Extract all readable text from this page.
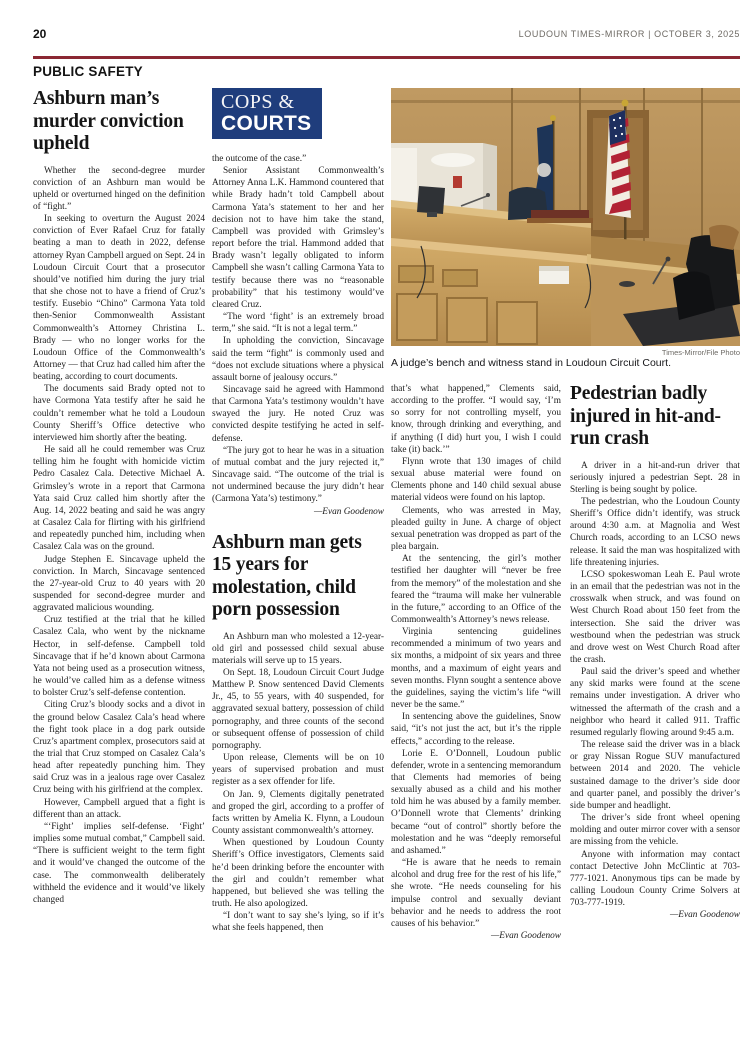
20	LOUDOUN TIMES-MIRROR | OCTOBER 3, 2025
PUBLIC SAFETY
Ashburn man’s murder conviction upheld

Whether the second-degree murder conviction of an Ashburn man would be upheld or overturned hinged on the definition of “fight.”

In seeking to overturn the August 2024 conviction of Ever Rafael Cruz for fatally beating a man to death in 2022, defense attorney Ryan Campbell argued on Sept. 24 in Loudoun Circuit Court that a prosecutor should’ve notified him during the jury trial that she chose not to have a friend of Cruz’s testify. Eusebio “Chino” Carmona Yata told then-Senior Commonwealth Assistant Commonwealth’s Attorney Christina L. Brady — who no longer works for the Loudoun Office of the Commonwealth’s Attorney — that Cruz had called him after the beating, according to court documents.

The documents said Brady opted not to have Cormona Yata testify after he said he couldn’t remember what he told a Loudoun County Sheriff’s Office detective who interviewed him shortly after the beating.

He said all he could remember was Cruz telling him he fought with homicide victim Pedro Casalez Cala. Detective Michael A. Grimsley’s wrote in a report that Carmona Yata said Cruz called him shortly after the Aug. 14, 2022 beating and said he was angry at Casalez Cala for flirting with his girlfriend and repeatedly punched him, including when Casalez Cala was on the ground.

Judge Stephen E. Sincavage upheld the conviction. In March, Sincavage sentenced the 27-year-old Cruz to 40 years with 20 suspended for second-degree murder and aggravated malicious wounding.

Cruz testified at the trial that he killed Casalez Cala, who went by the nickname Hector, in self-defense. Campbell told Sincavage that if he’d known about Carmona Yata not being used as a prosecution witness, he would’ve called him as a defense witness to bolster Cruz’s self-defense contention.

Citing Cruz’s bloody socks and a divot in the ground below Casalez Cala’s head where the fight took place in a dog park outside Cruz’s apartment complex, prosecutors said at the trial that Cruz stomped on Casalez Cala’s head after repeatedly punching him. They said Cruz was in a jealous rage over Casalez Cruz being with his girlfriend at the complex.

However, Campbell argued that a fight is different than an attack.

“‘Fight’ implies self-defense. ‘Fight’ implies some mutual combat,” Campbell said. “There is sufficient weight to the term fight and it would’ve changed the outcome of the case. The commonwealth deliberately withheld the evidence and it would’ve likely changed

COPS &
COURTS

the outcome of the case.”

Senior Assistant Commonwealth’s Attorney Anna L.K. Hammond countered that while Brady hadn’t told Campbell about Carmona Yata’s statement to her and her decision not to have him take the stand, Campbell was provided with Grimsley’s report before the trial. Hammond added that Brady wasn’t legally obligated to inform Campbell she wasn’t calling Carmona Yata to testify because there was no “reasonable probability” that his testimony would’ve cleared Cruz.

“The word ‘fight’ is an extremely broad term,” she said. “It is not a legal term.”

In upholding the conviction, Sincavage said the term “fight” is commonly used and “does not exclude situations where a physical assault borne of jealousy occurs.”

Sincavage said he agreed with Hammond that Carmona Yata’s testimony wouldn’t have swayed the jury. He noted Cruz was convicted despite testifying he acted in self-defense.

“The jury got to hear he was in a situation of mutual combat and the jury rejected it,” Sincavage said. “The outcome of the trial is not undermined because the jury didn’t hear (Carmona Yata’s) testimony.”

—Evan Goodenow
Ashburn man gets 15 years for molestation, child porn possession

An Ashburn man who molested a 12-year-old girl and possessed child sexual abuse materials will serve up to 15 years.

On Sept. 18, Loudoun Circuit Court Judge Matthew P. Snow sentenced David Clements Jr., 45, to 55 years, with 40 suspended, for aggravated sexual battery, possession of child pornography, and three counts of the second or subsequent offense of possession of child pornography.

Upon release, Clements will be on 10 years of supervised probation and must register as a sex offender for life.

On Jan. 9, Clements digitally penetrated and groped the girl, according to a proffer of facts written by Amelia K. Flynn, a Loudoun County assistant commonwealth’s attorney.

When questioned by Loudoun County Sheriff’s Office investigators, Clements said he’d been drinking before the encounter with the girl and couldn’t remember what happened, but believed she was telling the truth. He also apologized.

“I don’t want to say she’s lying, so if it’s what she feels happened, then

Times-Mirror/File Photo
A judge’s bench and witness stand in Loudoun Circuit Court.

that’s what happened,” Clements said, according to the proffer. “I would say, ‘I’m so sorry for not controlling myself, you know, through drinking and everything, and if anything (I did) hurt you, I wish I could take (it) back.’”

Flynn wrote that 130 images of child sexual abuse material were found on Clements phone and 140 child sexual abuse material videos were found on his laptop.

Clements, who was arrested in May, pleaded guilty in June. A charge of object sexual penetration was dropped as part of the plea bargain.

At the sentencing, the girl’s mother testified her daughter will “never be free from the memory” of the molestation and she feared the “trauma will make her vulnerable in the future,” according to an Office of the Commonwealth’s Attorney’s news release.

Virginia sentencing guidelines recommended a minimum of two years and six months, a midpoint of six years and three months, and a maximum of eight years and seven months. Flynn sought a sentence above the guidelines, saying the victim’s life “will never be the same.”

In sentencing above the guidelines, Snow said, “it’s not just the act, but it’s the ripple effects,” according to the release.

Lorie E. O’Donnell, Loudoun public defender, wrote in a sentencing memorandum that Clements had memories of being sexually abused as a child and his mother told him he was abused by a family member. O’Donnell wrote that Clements’ drinking became “out of control” shortly before the molestation and he was “deeply remorseful and ashamed.”

“He is aware that he needs to remain alcohol and drug free for the rest of his life,” she wrote. “He needs counseling for his impulse control and sexually deviant behavior and he needs to address the root causes of his behavior.”

—Evan Goodenow
Pedestrian badly injured in hit-and-run crash

A driver in a hit-and-run driver that seriously injured a pedestrian Sept. 28 in Sterling is being sought by police.

The pedestrian, who the Loudoun County Sheriff’s Office didn’t identify, was struck around 4:30 a.m. at Magnolia and West Church roads, according to an LCSO news release. It said the man was hospitalized with life threatening injuries.

LCSO spokeswoman Leah E. Paul wrote in an email that the pedestrian was not in the crosswalk when struck, and was found on West Church Road about 150 feet from the intersection. She said the driver was westbound when the pedestrian was struck and drove west on West Church Road after the crash.

Paul said the driver’s speed and whether any skid marks were found at the scene remains under investigation. A driver who witnessed the aftermath of the crash and a neighbor who heard it called 911. Traffic resumed regularly flowing around 9:45 a.m.

The release said the driver was in a black or gray Nissan Rogue SUV manufactured between 2014 and 2020. The vehicle sustained damage to the driver’s side door and quarter panel, and possibly the driver’s side bumper and headlight.

The driver’s side front wheel opening molding and outer mirror cover with a sensor are missing from the vehicle.

Anyone with information may contact contact Detective John McClintic at 703-777-1021. Anonymous tips can be made by calling Loudoun County Crime Solvers at 703-777-1919.

—Evan Goodenow
